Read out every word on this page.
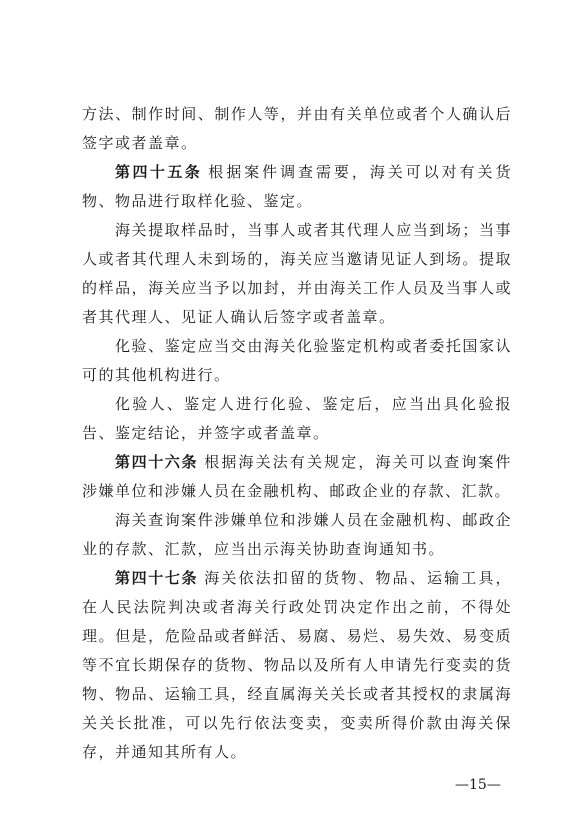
方法、制作时间、制作人等，并由有关单位或者个人确认后签字或者盖章。

第四十五条 根据案件调查需要，海关可以对有关货物、物品进行取样化验、鉴定。

海关提取样品时，当事人或者其代理人应当到场；当事人或者其代理人未到场的，海关应当邀请见证人到场。提取的样品，海关应当予以加封，并由海关工作人员及当事人或者其代理人、见证人确认后签字或者盖章。

化验、鉴定应当交由海关化验鉴定机构或者委托国家认可的其他机构进行。

化验人、鉴定人进行化验、鉴定后，应当出具化验报告、鉴定结论，并签字或者盖章。

第四十六条 根据海关法有关规定，海关可以查询案件涉嫌单位和涉嫌人员在金融机构、邮政企业的存款、汇款。

海关查询案件涉嫌单位和涉嫌人员在金融机构、邮政企业的存款、汇款，应当出示海关协助查询通知书。

第四十七条 海关依法扣留的货物、物品、运输工具，在人民法院判决或者海关行政处罚决定作出之前，不得处理。但是，危险品或者鲜活、易腐、易烂、易失效、易变质等不宜长期保存的货物、物品以及所有人申请先行变卖的货物、物品、运输工具，经直属海关关长或者其授权的隶属海关关长批准，可以先行依法变卖，变卖所得价款由海关保存，并通知其所有人。

—15—
